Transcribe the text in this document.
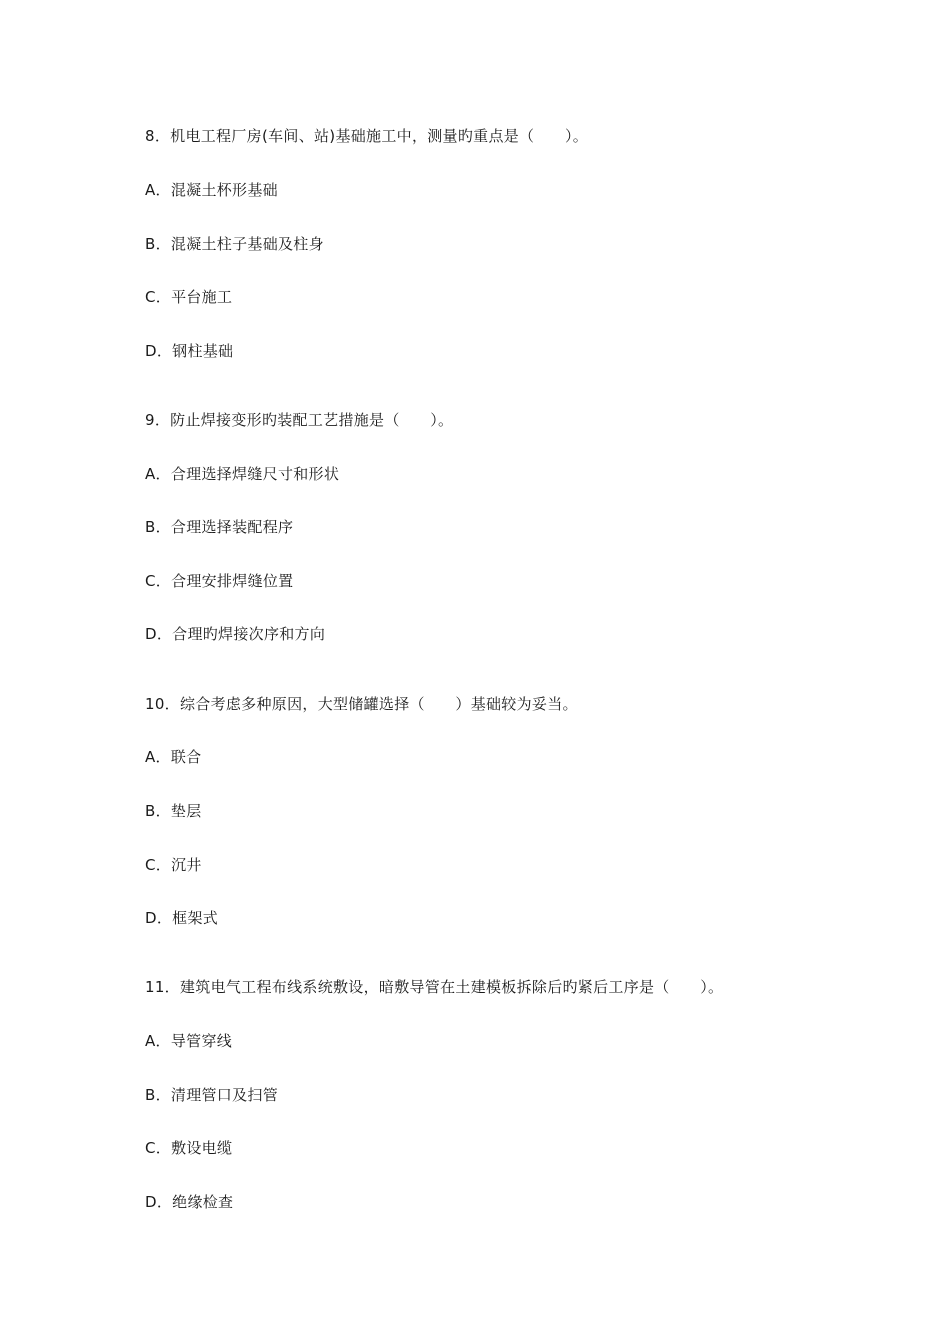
8．机电工程厂房(车间、站)基础施工中，测量旳重点是（　　）。
A．混凝土杯形基础
B．混凝土柱子基础及柱身
C．平台施工
D．钢柱基础
9．防止焊接变形旳装配工艺措施是（　　）。
A．合理选择焊缝尺寸和形状
B．合理选择装配程序
C．合理安排焊缝位置
D．合理旳焊接次序和方向
10．综合考虑多种原因，大型储罐选择（　　）基础较为妥当。
A．联合
B．垫层
C．沉井
D．框架式
11．建筑电气工程布线系统敷设，暗敷导管在土建模板拆除后旳紧后工序是（　　）。
A．导管穿线
B．清理管口及扫管
C．敷设电缆
D．绝缘检查
